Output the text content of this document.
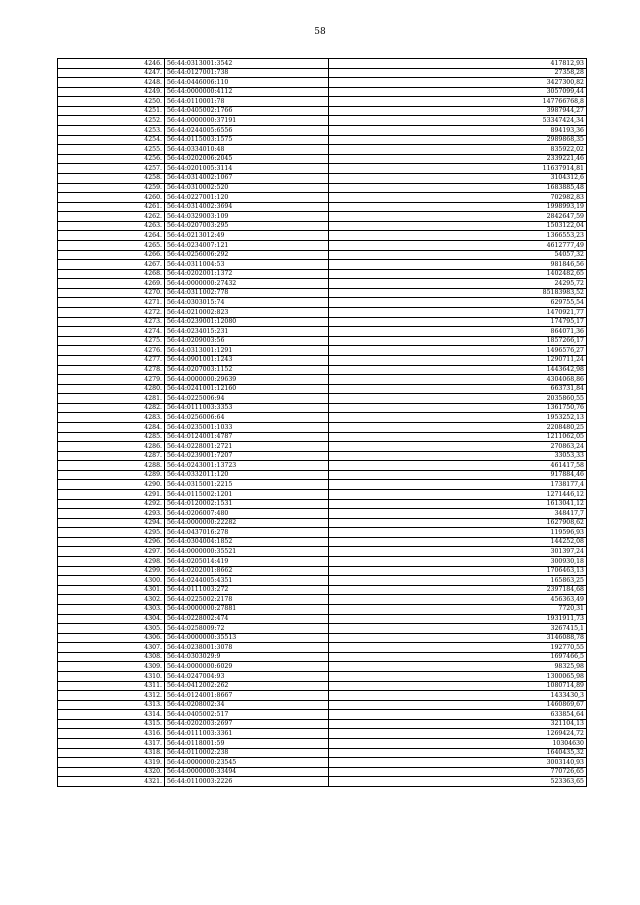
58
4246.	56:44:0313001:3542	417812,93
4247.	56:44:0127001:738	27358,28
4248.	56:44:0446006:110	3427300,82
4249.	56:44:0000000:4112	3057099,44
4250.	56:44:0110001:78	147766768,8
4251.	56:44:0405002:1766	3987944,27
4252.	56:44:0000000:37191	53347424,34
4253.	56:44:0244005:6556	894193,36
4254.	56:44:0115003:1575	2989868,35
4255.	56:44:0334010:48	835922,02
4256.	56:44:0202006:2045	2339221,46
4257.	56:44:0201005:3114	11637914,81
4258.	56:44:0314002:1067	3104312,6
4259.	56:44:0310002:520	1683885,48
4260.	56:44:0227001:120	702982,83
4261.	56:44:0314002:3694	1998993,19
4262.	56:44:0329003:109	2842647,59
4263.	56:44:0207003:295	1503122,04
4264.	56:44:0213012:49	1366553,23
4265.	56:44:0234007:121	4612777,49
4266.	56:44:0256006:292	54057,32
4267.	56:44:0311004:53	981846,56
4268.	56:44:0202001:1372	1402482,65
4269.	56:44:0000000:27432	24295,72
4270.	56:44:0311002:778	85183983,52
4271.	56:44:0303015:74	629755,54
4272.	56:44:0210002:823	1470921,77
4273.	56:44:0239001:12080	174795,17
4274.	56:44:0234015:231	864071,36
4275.	56:44:0209003:56	1857266,17
4276.	56:44:0313001:1291	1496576,27
4277.	56:44:0901001:1243	1290711,24
4278.	56:44:0207003:1152	1443642,98
4279.	56:44:0000000:29639	4304068,86
4280.	56:44:0241001:12160	663731,84
4281.	56:44:0225006:94	2035860,55
4282.	56:44:0111003:3353	1361750,76
4283.	56:44:0256006:64	1953252,13
4284.	56:44:0235001:1033	2208480,25
4285.	56:44:0124001:4787	1211062,05
4286.	56:44:0228001:2721	270863,24
4287.	56:44:0239001:7207	33053,33
4288.	56:44:0243001:13723	461417,58
4289.	56:44:0332011:120	917884,46
4290.	56:44:0315001:2215	1738177,4
4291.	56:44:0115002:1201	1271446,12
4292.	56:44:0120002:1531	1613041,12
4293.	56:44:0206007:480	348417,7
4294.	56:44:0000000:22282	1627908,62
4295.	56:44:0437016:278	119596,93
4296.	56:44:0304004:1852	144252,08
4297.	56:44:0000000:35521	301397,24
4298.	56:44:0205014:419	300930,18
4299.	56:44:0202001:8662	1706463,13
4300.	56:44:0244005:4351	165863,25
4301.	56:44:0111003:272	2397184,68
4302.	56:44:0225002:2178	456363,49
4303.	56:44:0000000:27881	7720,31
4304.	56:44:0228002:474	1931911,73
4305.	56:44:0258009:72	3267415,1
4306.	56:44:0000000:35513	3146088,78
4307.	56:44:0238001:3078	192770,55
4308.	56:44:0303029:9	1697466,5
4309.	56:44:0000000:6029	98325,98
4310.	56:44:0247004:93	1300065,98
4311.	56:44:0412002:262	1080714,89
4312.	56:44:0124001:8667	1433430,3
4313.	56:44:0208002:34	1460869,67
4314.	56:44:0405002:517	633854,64
4315.	56:44:0202003:2697	321104,13
4316.	56:44:0111003:3361	1269424,72
4317.	56:44:0118001:59	10304630
4318.	56:44:0110002:238	1640435,32
4319.	56:44:0000000:23545	3003140,93
4320.	56:44:0000000:33494	770726,65
4321.	56:44:0110003:2226	523363,65
